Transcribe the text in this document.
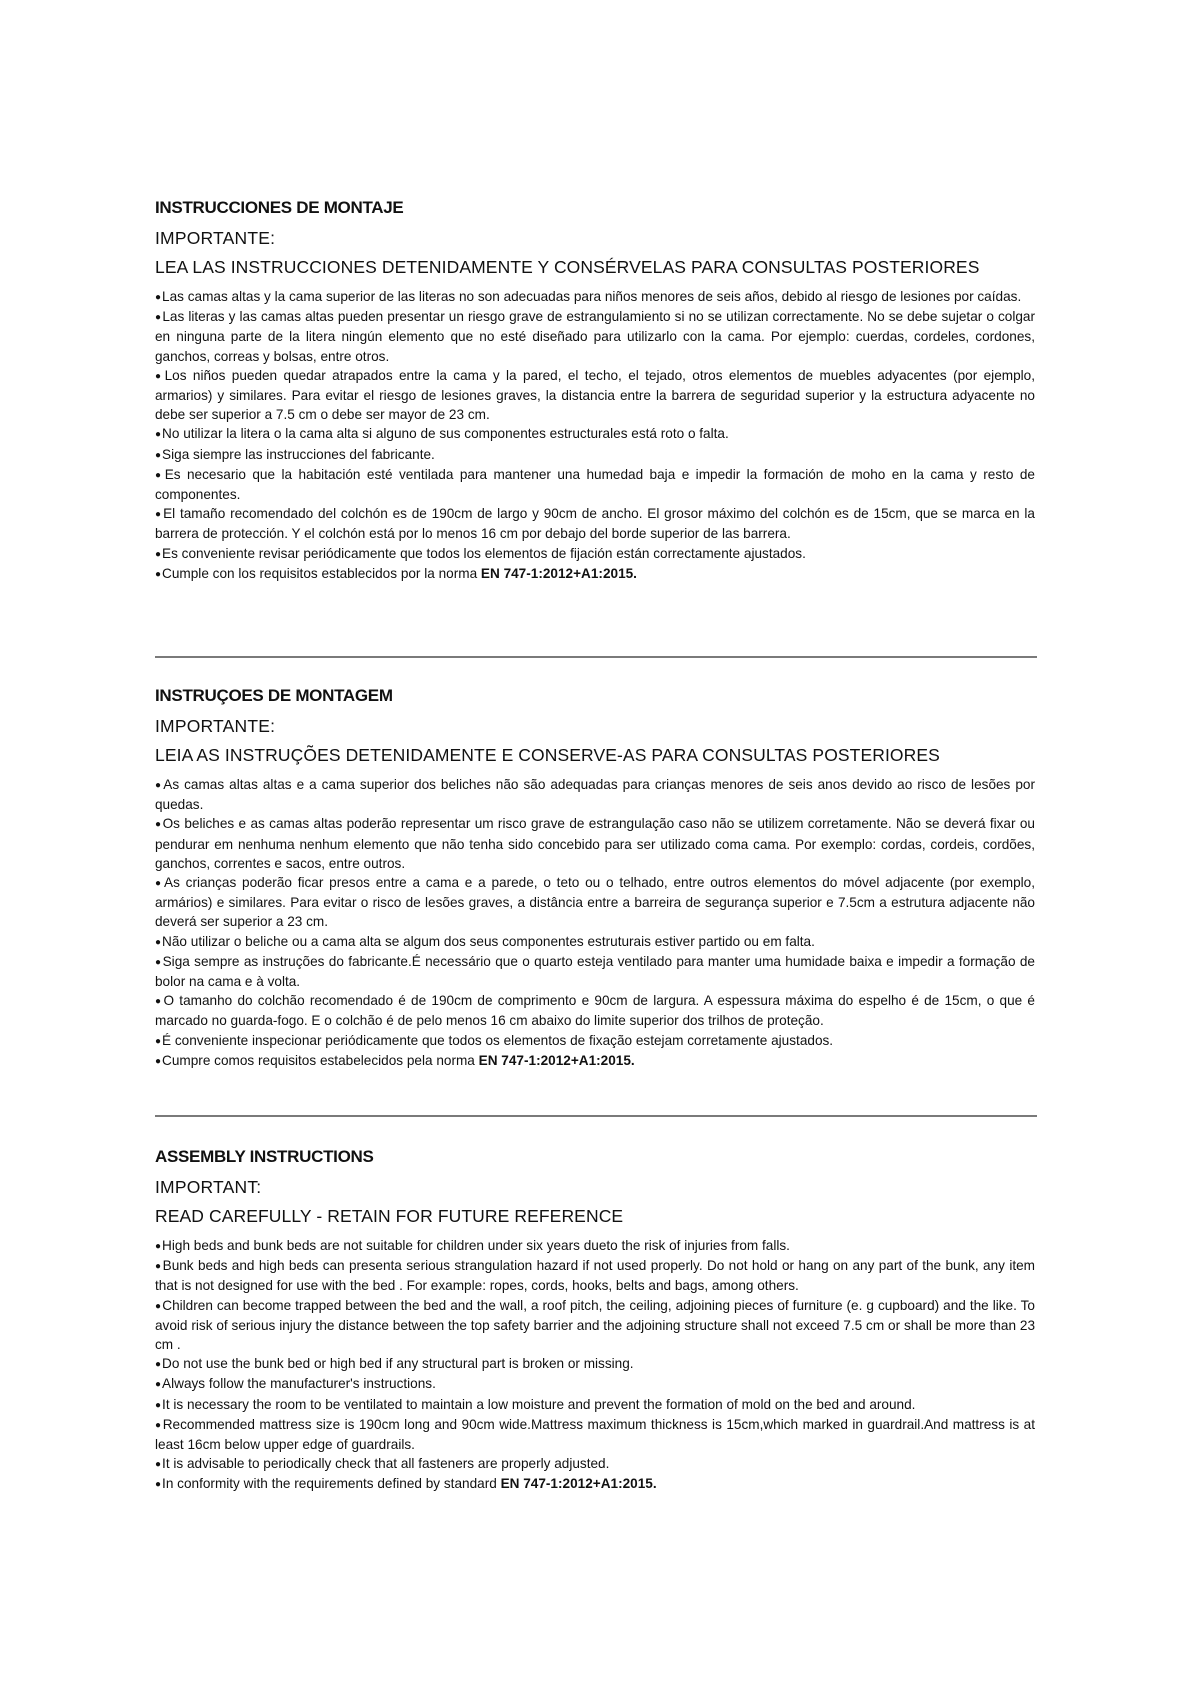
INSTRUCCIONES DE MONTAJE
IMPORTANTE:
LEA LAS INSTRUCCIONES DETENIDAMENTE Y CONSÉRVELAS PARA CONSULTAS POSTERIORES
●Las camas altas y la cama superior de las literas no son adecuadas para niños menores de seis años, debido al riesgo de lesiones por caídas.
●Las literas y las camas altas pueden presentar un riesgo grave de estrangulamiento si no se utilizan correctamente. No se debe sujetar o colgar en ninguna parte de la litera ningún elemento que no esté diseñado para utilizarlo con la cama. Por ejemplo: cuerdas, cordeles, cordones, ganchos, correas y bolsas, entre otros.
●Los niños pueden quedar atrapados entre la cama y la pared, el techo, el tejado, otros elementos de muebles adyacentes (por ejemplo, armarios) y similares. Para evitar el riesgo de lesiones graves, la distancia entre la barrera de seguridad superior y la estructura adyacente no debe ser superior a 7.5 cm o debe ser mayor de 23 cm.
●No utilizar la litera o la cama alta si alguno de sus componentes estructurales está roto o falta.
●Siga siempre las instrucciones del fabricante.
●Es necesario que la habitación esté ventilada para mantener una humedad baja e impedir la formación de moho en la cama y resto de componentes.
●El tamaño recomendado del colchón es de 190cm de largo y 90cm de ancho. El grosor máximo del colchón es de 15cm, que se marca en la barrera de protección. Y el colchón está por lo menos 16 cm por debajo del borde superior de las barrera.
●Es conveniente revisar periódicamente que todos los elementos de fijación están correctamente ajustados.
●Cumple con los requisitos establecidos por la norma EN 747-1:2012+A1:2015.
INSTRUÇOES DE MONTAGEM
IMPORTANTE:
LEIA AS INSTRUÇÕES DETENIDAMENTE E CONSERVE-AS PARA CONSULTAS POSTERIORES
●As camas altas altas e a cama superior dos beliches não são adequadas para crianças menores de seis anos devido ao risco de lesões por quedas.
●Os beliches e as camas altas poderão representar um risco grave de estrangulação caso não se utilizem corretamente. Não se deverá fixar ou pendurar em nenhuma nenhum elemento que não tenha sido concebido para ser utilizado coma cama. Por exemplo: cordas, cordeis, cordões, ganchos, correntes e sacos, entre outros.
●As crianças poderão ficar presos entre a cama e a parede, o teto ou o telhado, entre outros elementos do móvel adjacente (por exemplo, armários) e similares. Para evitar o risco de lesões graves, a distância entre a barreira de segurança superior e 7.5cm a estrutura adjacente não deverá ser superior a 23 cm.
●Não utilizar o beliche ou a cama alta se algum dos seus componentes estruturais estiver partido ou em falta.
●Siga sempre as instruções do fabricante.É necessário que o quarto esteja ventilado para manter uma humidade baixa e impedir a formação de bolor na cama e à volta.
●O tamanho do colchão recomendado é de 190cm de comprimento e 90cm de largura. A espessura máxima do espelho é de 15cm, o que é marcado no guarda-fogo. E o colchão é de pelo menos 16 cm abaixo do limite superior dos trilhos de proteção.
●É conveniente inspecionar periódicamente que todos os elementos de fixação estejam corretamente ajustados.
●Cumpre comos requisitos estabelecidos pela norma EN 747-1:2012+A1:2015.
ASSEMBLY INSTRUCTIONS
IMPORTANT:
READ CAREFULLY - RETAIN FOR FUTURE REFERENCE
●High beds and bunk beds are not suitable for children under six years dueto the risk of injuries from falls.
●Bunk beds and high beds can presenta serious strangulation hazard if not used properly. Do not hold or hang on any part of the bunk, any item that is not designed for use with the bed . For example: ropes, cords, hooks, belts and bags, among others.
●Children can become trapped between the bed and the wall, a roof pitch, the ceiling, adjoining pieces of furniture (e. g cupboard) and the like. To avoid risk of serious injury the distance between the top safety barrier and the adjoining structure shall not exceed 7.5 cm or shall be more than 23 cm .
●Do not use the bunk bed or high bed if any structural part is broken or missing.
●Always follow the manufacturer's instructions.
●It is necessary the room to be ventilated to maintain a low moisture and prevent the formation of mold on the bed and around.
●Recommended mattress size is 190cm long and 90cm wide.Mattress maximum thickness is 15cm,which marked in guardrail.And mattress is at least 16cm below upper edge of guardrails.
●It is advisable to periodically check that all fasteners are properly adjusted.
●In conformity with the requirements defined by standard EN 747-1:2012+A1:2015.
